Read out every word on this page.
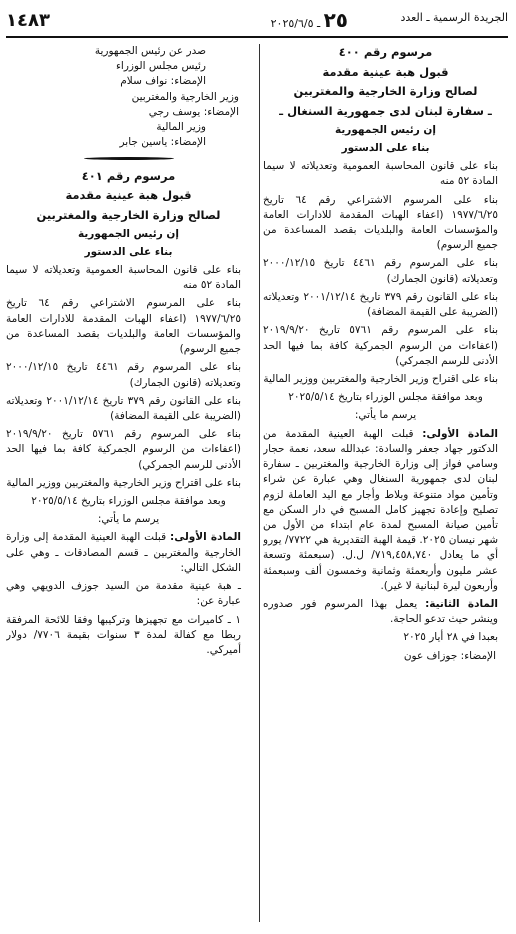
الجريدة الرسمية ـ العدد
٢٥ ـ ٢٠٢٥/٦/٥
١٤٨٣

مرسوم رقم ٤٠٠

قبول هبة عينية مقدمة

لصالح وزارة الخارجية والمغتربين

ـ سفارة لبنان لدى جمهورية السنغال ـ

إن رئيس الجمهورية

بناء على الدستور

بناء على قانون المحاسبة العمومية وتعديلاته لا سيما المادة ٥٢ منه

بناء على المرسوم الاشتراعي رقم ٦٤ تاريخ ١٩٧٧/٦/٢٥ (اعفاء الهبات المقدمة للادارات العامة والمؤسسات العامة والبلديات بقصد المساعدة من جميع الرسوم)

بناء على المرسوم رقم ٤٤٦١ تاريخ ٢٠٠٠/١٢/١٥ وتعديلاته (قانون الجمارك)

بناء على القانون رقم ٣٧٩ تاريخ ٢٠٠١/١٢/١٤ وتعديلاته (الضريبة على القيمة المضافة)

بناء على المرسوم رقم ٥٧٦١ تاريخ ٢٠١٩/٩/٢٠ (اعفاءات من الرسوم الجمركية كافة بما فيها الحد الأدنى للرسم الجمركي)

بناء على اقتراح وزير الخارجية والمغتربين ووزير المالية

وبعد موافقة مجلس الوزراء بتاريخ ٢٠٢٥/٥/١٤

يرسم ما يأتي:

المادة الأولى: قبلت الهبة العينية المقدمة من الدكتور جهاد جعفر والسادة: عبدالله سعد، نعمة حجار وسامي فواز إلى وزارة الخارجية والمغتربين ـ سفارة لبنان لدى جمهورية السنغال وهي عبارة عن شراء وتأمين مواد متنوعة وبلاط وأجار مع اليد العاملة لزوم تصليح وإعادة تجهيز كامل المسبح في دار السكن مع تأمين صيانة المسبح لمدة عام ابتداء من الأول من شهر نيسان ٢٠٢٥. قيمة الهبة التقديرية هي ٧٧٢٢/ يورو أي ما يعادل ٧١٩,٤٥٨,٧٤٠/ ل.ل. (سبعمئة وتسعة عشر مليون وأربعمئة وثمانية وخمسون ألف وسبعمئة وأربعون ليرة لبنانية لا غير).

المادة الثانية: يعمل بهذا المرسوم فور صدوره وينشر حيث تدعو الحاجة.

بعبدا في ٢٨ أيار ٢٠٢٥

الإمضاء: جوزاف عون

صدر عن رئيس الجمهورية

رئيس مجلس الوزراء

الإمضاء: نواف سلام

وزير الخارجية والمغتربين

الإمضاء: يوسف رجي

وزير المالية

الإمضاء: ياسين جابر

مرسوم رقم ٤٠١

قبول هبة عينية مقدمة

لصالح وزارة الخارجية والمغتربين

إن رئيس الجمهورية

بناء على الدستور

بناء على قانون المحاسبة العمومية وتعديلاته لا سيما المادة ٥٢ منه

بناء على المرسوم الاشتراعي رقم ٦٤ تاريخ ١٩٧٧/٦/٢٥ (اعفاء الهبات المقدمة للادارات العامة والمؤسسات العامة والبلديات بقصد المساعدة من جميع الرسوم)

بناء على المرسوم رقم ٤٤٦١ تاريخ ٢٠٠٠/١٢/١٥ وتعديلاته (قانون الجمارك)

بناء على القانون رقم ٣٧٩ تاريخ ٢٠٠١/١٢/١٤ وتعديلاته (الضريبة على القيمة المضافة)

بناء على المرسوم رقم ٥٧٦١ تاريخ ٢٠١٩/٩/٢٠ (اعفاءات من الرسوم الجمركية كافة بما فيها الحد الأدنى للرسم الجمركي)

بناء على اقتراح وزير الخارجية والمغتربين ووزير المالية

وبعد موافقة مجلس الوزراء بتاريخ ٢٠٢٥/٥/١٤

يرسم ما يأتي:

المادة الأولى: قبلت الهبة العينية المقدمة إلى وزارة الخارجية والمغتربين ـ قسم المصادقات ـ وهي على الشكل التالي:

ـ هبة عينية مقدمة من السيد جوزف الدويهي وهي عبارة عن:

١ ـ كاميرات مع تجهيزها وتركيبها وفقا للائحة المرفقة ربطا مع كفالة لمدة ٣ سنوات بقيمة ٧٧٠٦/ دولار أميركي.
